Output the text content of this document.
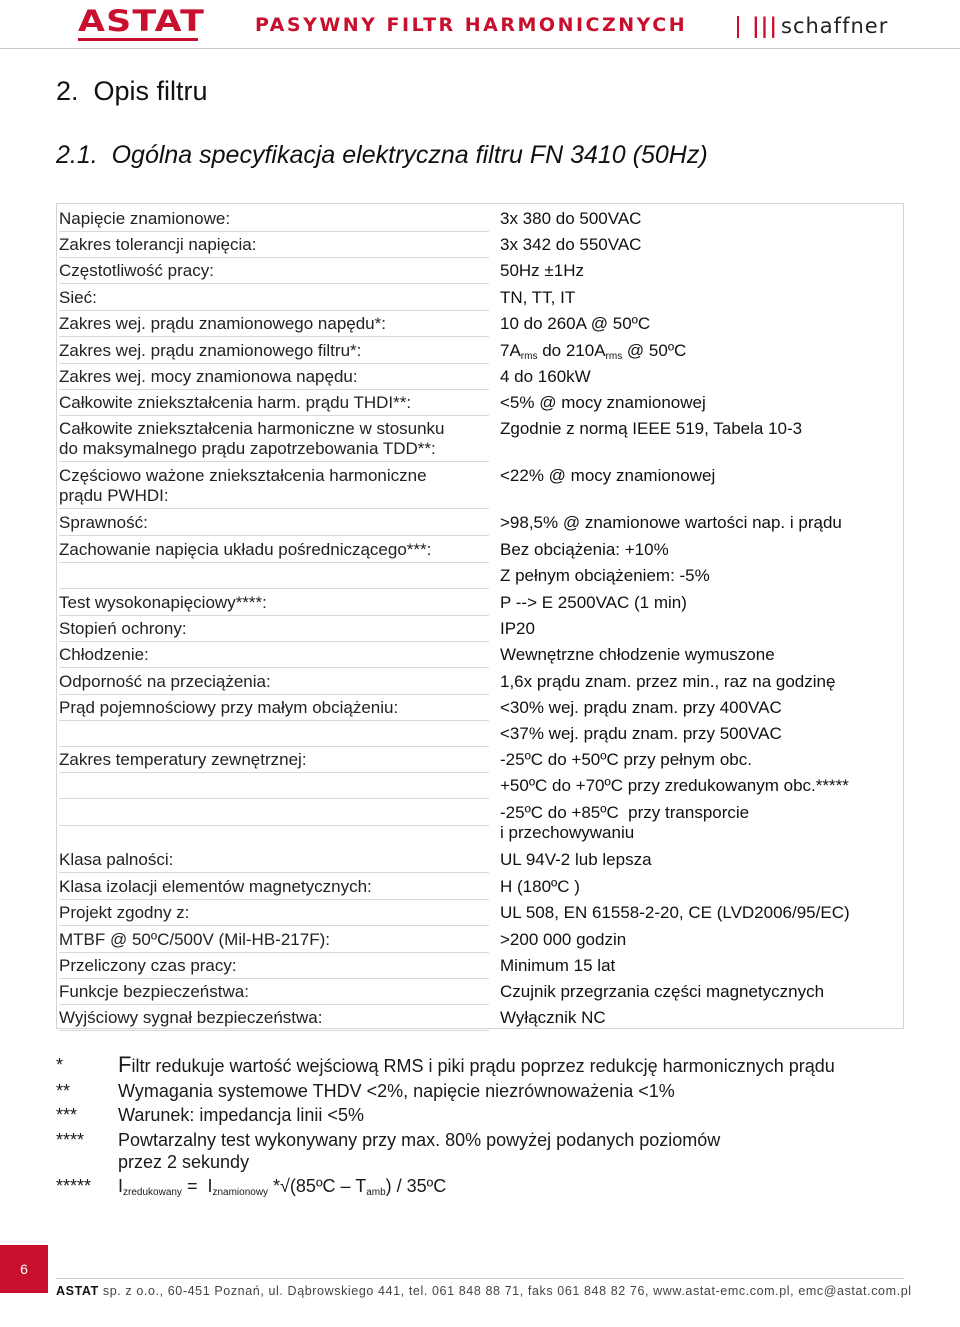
ASTAT	PASYWNY FILTR HARMONICZNYCH	||| schaffner
2.  Opis filtru
2.1.  Ogólna specyfikacja elektryczna filtru FN 3410 (50Hz)
Napięcie znamionowe:	3x 380 do 500VAC
Zakres tolerancji napięcia:	3x 342 do 550VAC
Częstotliwość pracy:	50Hz ±1Hz
Sieć:	TN, TT, IT
Zakres wej. prądu znamionowego napędu*:	10 do 260A @ 50ºC
Zakres wej. prądu znamionowego filtru*:	$7A_{rms}$ do $210A_{rms}$ @ 50ºC
Zakres wej. mocy znamionowa napędu:	4 do 160kW
Całkowite zniekształcenia harm. prądu THDI**:	<5% @ mocy znamionowej
Całkowite zniekształcenia harmoniczne w stosunku
do maksymalnego prądu zapotrzebowania TDD**:
Zgodnie z normą IEEE 519, Tabela 10-3
Częściowo ważone zniekształcenia harmoniczne
prądu PWHDI:
<22% @ mocy znamionowej
Sprawność:	>98,5% @ znamionowe wartości nap. i prądu
Zachowanie napięcia układu pośredniczącego***:	Bez obciążenia: +10%
Z pełnym obciążeniem: -5%
Test wysokonapięciowy****:	P --> E 2500VAC (1 min)
Stopień ochrony:	IP20
Chłodzenie:	Wewnętrzne chłodzenie wymuszone
Odporność na przeciążenia:	1,6x prądu znam. przez min., raz na godzinę
Prąd pojemnościowy przy małym obciążeniu:	<30% wej. prądu znam. przy 400VAC
<37% wej. prądu znam. przy 500VAC
Zakres temperatury zewnętrznej:	-25ºC do +50ºC przy pełnym obc.
+50ºC do +70ºC przy zredukowanym obc.*****
-25ºC do +85ºC  przy transporcie
i przechowywaniu
Klasa palności:	UL 94V-2 lub lepsza
Klasa izolacji elementów magnetycznych:	H (180ºC )
Projekt zgodny z:	UL 508, EN 61558-2-20, CE (LVD2006/95/EC)
MTBF @ 50ºC/500V (Mil-HB-217F):	>200 000 godzin
Przeliczony czas pracy:	Minimum 15 lat
Funkcje bezpieczeństwa:	Czujnik przegrzania części magnetycznych
Wyjściowy sygnał bezpieczeństwa:	Wyłącznik NC
* Filtr redukuje wartość wejściową RMS i piki prądu poprzez redukcję harmonicznych prądu
**	Wymagania systemowe THDV <2%, napięcie niezrównoważenia <1%
*** Warunek: impedancja linii <5%
**** Powtarzalny test wykonywany przy max. 80% powyżej podanych poziomów
przez 2 sekundy
***** $I_{zredukowany} = I_{znamionowy}$ *√(85ºC – $T_{amb}$) / 35ºC
6
ASTAT sp. z o.o., 60-451 Poznań, ul. Dąbrowskiego 441, tel. 061 848 88 71, faks 061 848 82 76, www.astat-emc.com.pl, emc@astat.com.pl
